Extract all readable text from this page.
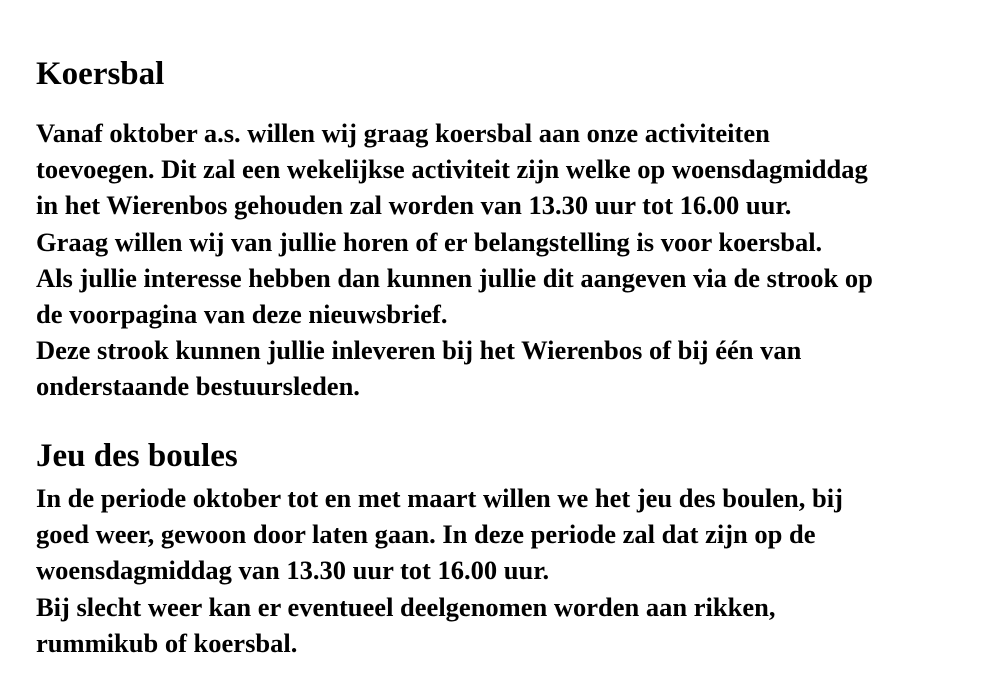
Koersbal

Vanaf oktober a.s. willen wij graag koersbal aan onze activiteiten

toevoegen. Dit zal een wekelijkse activiteit zijn welke op woensdagmiddag

in het Wierenbos gehouden zal worden van 13.30 uur tot 16.00 uur.

Graag willen wij van jullie horen of er belangstelling is voor koersbal.

Als jullie interesse hebben dan kunnen jullie dit aangeven via de strook op

de voorpagina van deze nieuwsbrief.

Deze strook kunnen jullie inleveren bij het Wierenbos of bij één van

onderstaande bestuursleden.

Jeu des boules

In de periode oktober tot en met maart willen we het jeu des boulen, bij

goed weer, gewoon door laten gaan. In deze periode zal dat zijn op de

woensdagmiddag van 13.30 uur tot 16.00 uur.

Bij slecht weer kan er eventueel deelgenomen worden aan rikken,

rummikub of koersbal.
